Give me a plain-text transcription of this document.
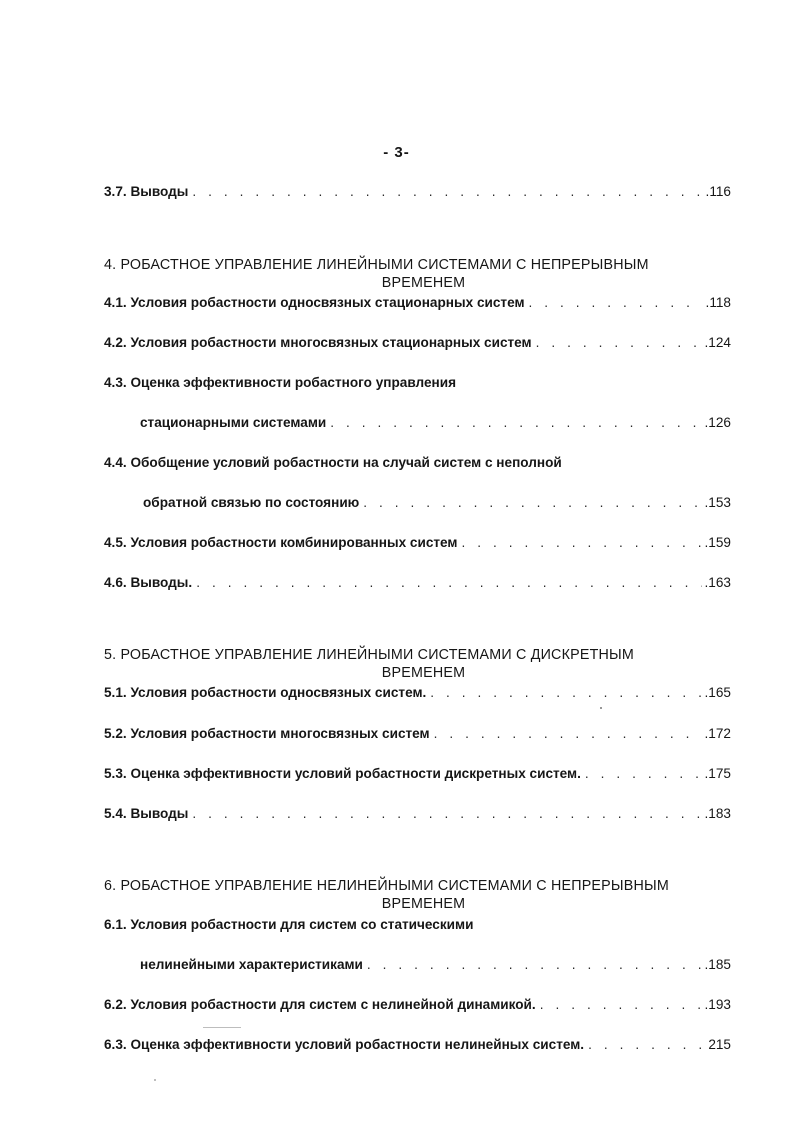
- 3-
3.7. Выводы . . .	.116
4. РОБАСТНОЕ УПРАВЛЕНИЕ ЛИНЕЙНЫМИ СИСТЕМАМИ С НЕПРЕРЫВНЫМ
ВРЕМЕНЕМ
4.1. Условия робастности односвязных стационарных систем . . .	.118
4.2. Условия робастности многосвязных стационарных систем . . .	.124
4.3. Оценка эффективности робастного управления
стационарными системами . . .	.126
4.4. Обобщение условий робастности на случай систем с неполной
обратной связью по состоянию . . .	.153
4.5. Условия робастности комбинированных систем . . .	.159
4.6. Выводы. . . .	.163
5. РОБАСТНОЕ УПРАВЛЕНИЕ ЛИНЕЙНЫМИ СИСТЕМАМИ С ДИСКРЕТНЫМ
ВРЕМЕНЕМ
5.1. Условия робастности односвязных систем. . . .	.165
5.2. Условия робастности многосвязных систем . . .	.172
5.3. Оценка эффективности условий робастности дискретных систем. . . .	.175
5.4. Выводы . . .	.183
6. РОБАСТНОЕ УПРАВЛЕНИЕ НЕЛИНЕЙНЫМИ СИСТЕМАМИ С НЕПРЕРЫВНЫМ
ВРЕМЕНЕМ
6.1. Условия робастности для систем со статическими
нелинейными характеристиками . . .	.185
6.2. Условия робастности для систем с нелинейной динамикой. . . .	.193
6.3. Оценка эффективности условий робастности нелинейных систем. . . .	215
